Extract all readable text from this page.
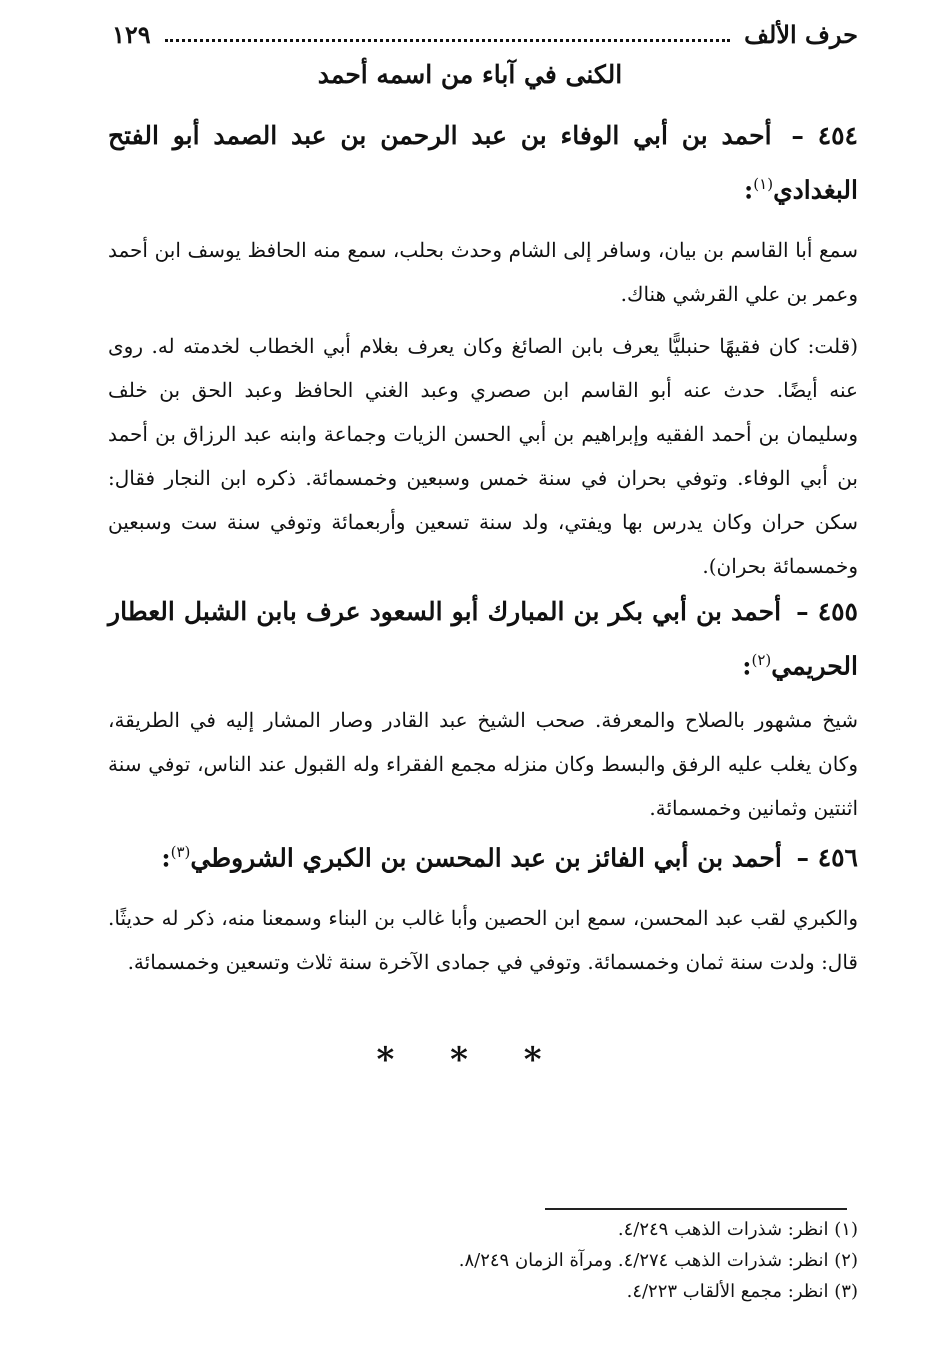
حرف الألف
١٢٩
الكنى في آباء من اسمه أحمد
٤٥٤ – أحمد بن أبي الوفاء بن عبد الرحمن بن عبد الصمد أبو الفتح البغدادي$^{(١)}$:
سمع أبا القاسم بن بيان، وسافر إلى الشام وحدث بحلب، سمع منه الحافظ يوسف ابن أحمد وعمر بن علي القرشي هناك.
(قلت: كان فقيهًا حنبليًّا يعرف بابن الصائغ وكان يعرف بغلام أبي الخطاب لخدمته له. روى عنه أيضًا. حدث عنه أبو القاسم ابن صصري وعبد الغني الحافظ وعبد الحق بن خلف وسليمان بن أحمد الفقيه وإبراهيم بن أبي الحسن الزيات وجماعة وابنه عبد الرزاق بن أحمد بن أبي الوفاء. وتوفي بحران في سنة خمس وسبعين وخمسمائة. ذكره ابن النجار فقال: سكن حران وكان يدرس بها ويفتي، ولد سنة تسعين وأربعمائة وتوفي سنة ست وسبعين وخمسمائة بحران).
٤٥٥ – أحمد بن أبي بكر بن المبارك أبو السعود عرف بابن الشبل العطار الحريمي$^{(٢)}$:
شيخ مشهور بالصلاح والمعرفة. صحب الشيخ عبد القادر وصار المشار إليه في الطريقة، وكان يغلب عليه الرفق والبسط وكان منزله مجمع الفقراء وله القبول عند الناس، توفي سنة اثنتين وثمانين وخمسمائة.
٤٥٦ – أحمد بن أبي الفائز بن عبد المحسن بن الكبري الشروطي$^{(٣)}$:
والكبري لقب عبد المحسن، سمع ابن الحصين وأبا غالب بن البناء وسمعنا منه، ذكر له حديثًا. قال: ولدت سنة ثمان وخمسمائة. وتوفي في جمادى الآخرة سنة ثلاث وتسعين وخمسمائة.
* * *
(١) انظر: شذرات الذهب ٤/٢٤٩.
(٢) انظر: شذرات الذهب ٤/٢٧٤. ومرآة الزمان ٨/٢٤٩.
(٣) انظر: مجمع الألقاب ٤/٢٢٣.
